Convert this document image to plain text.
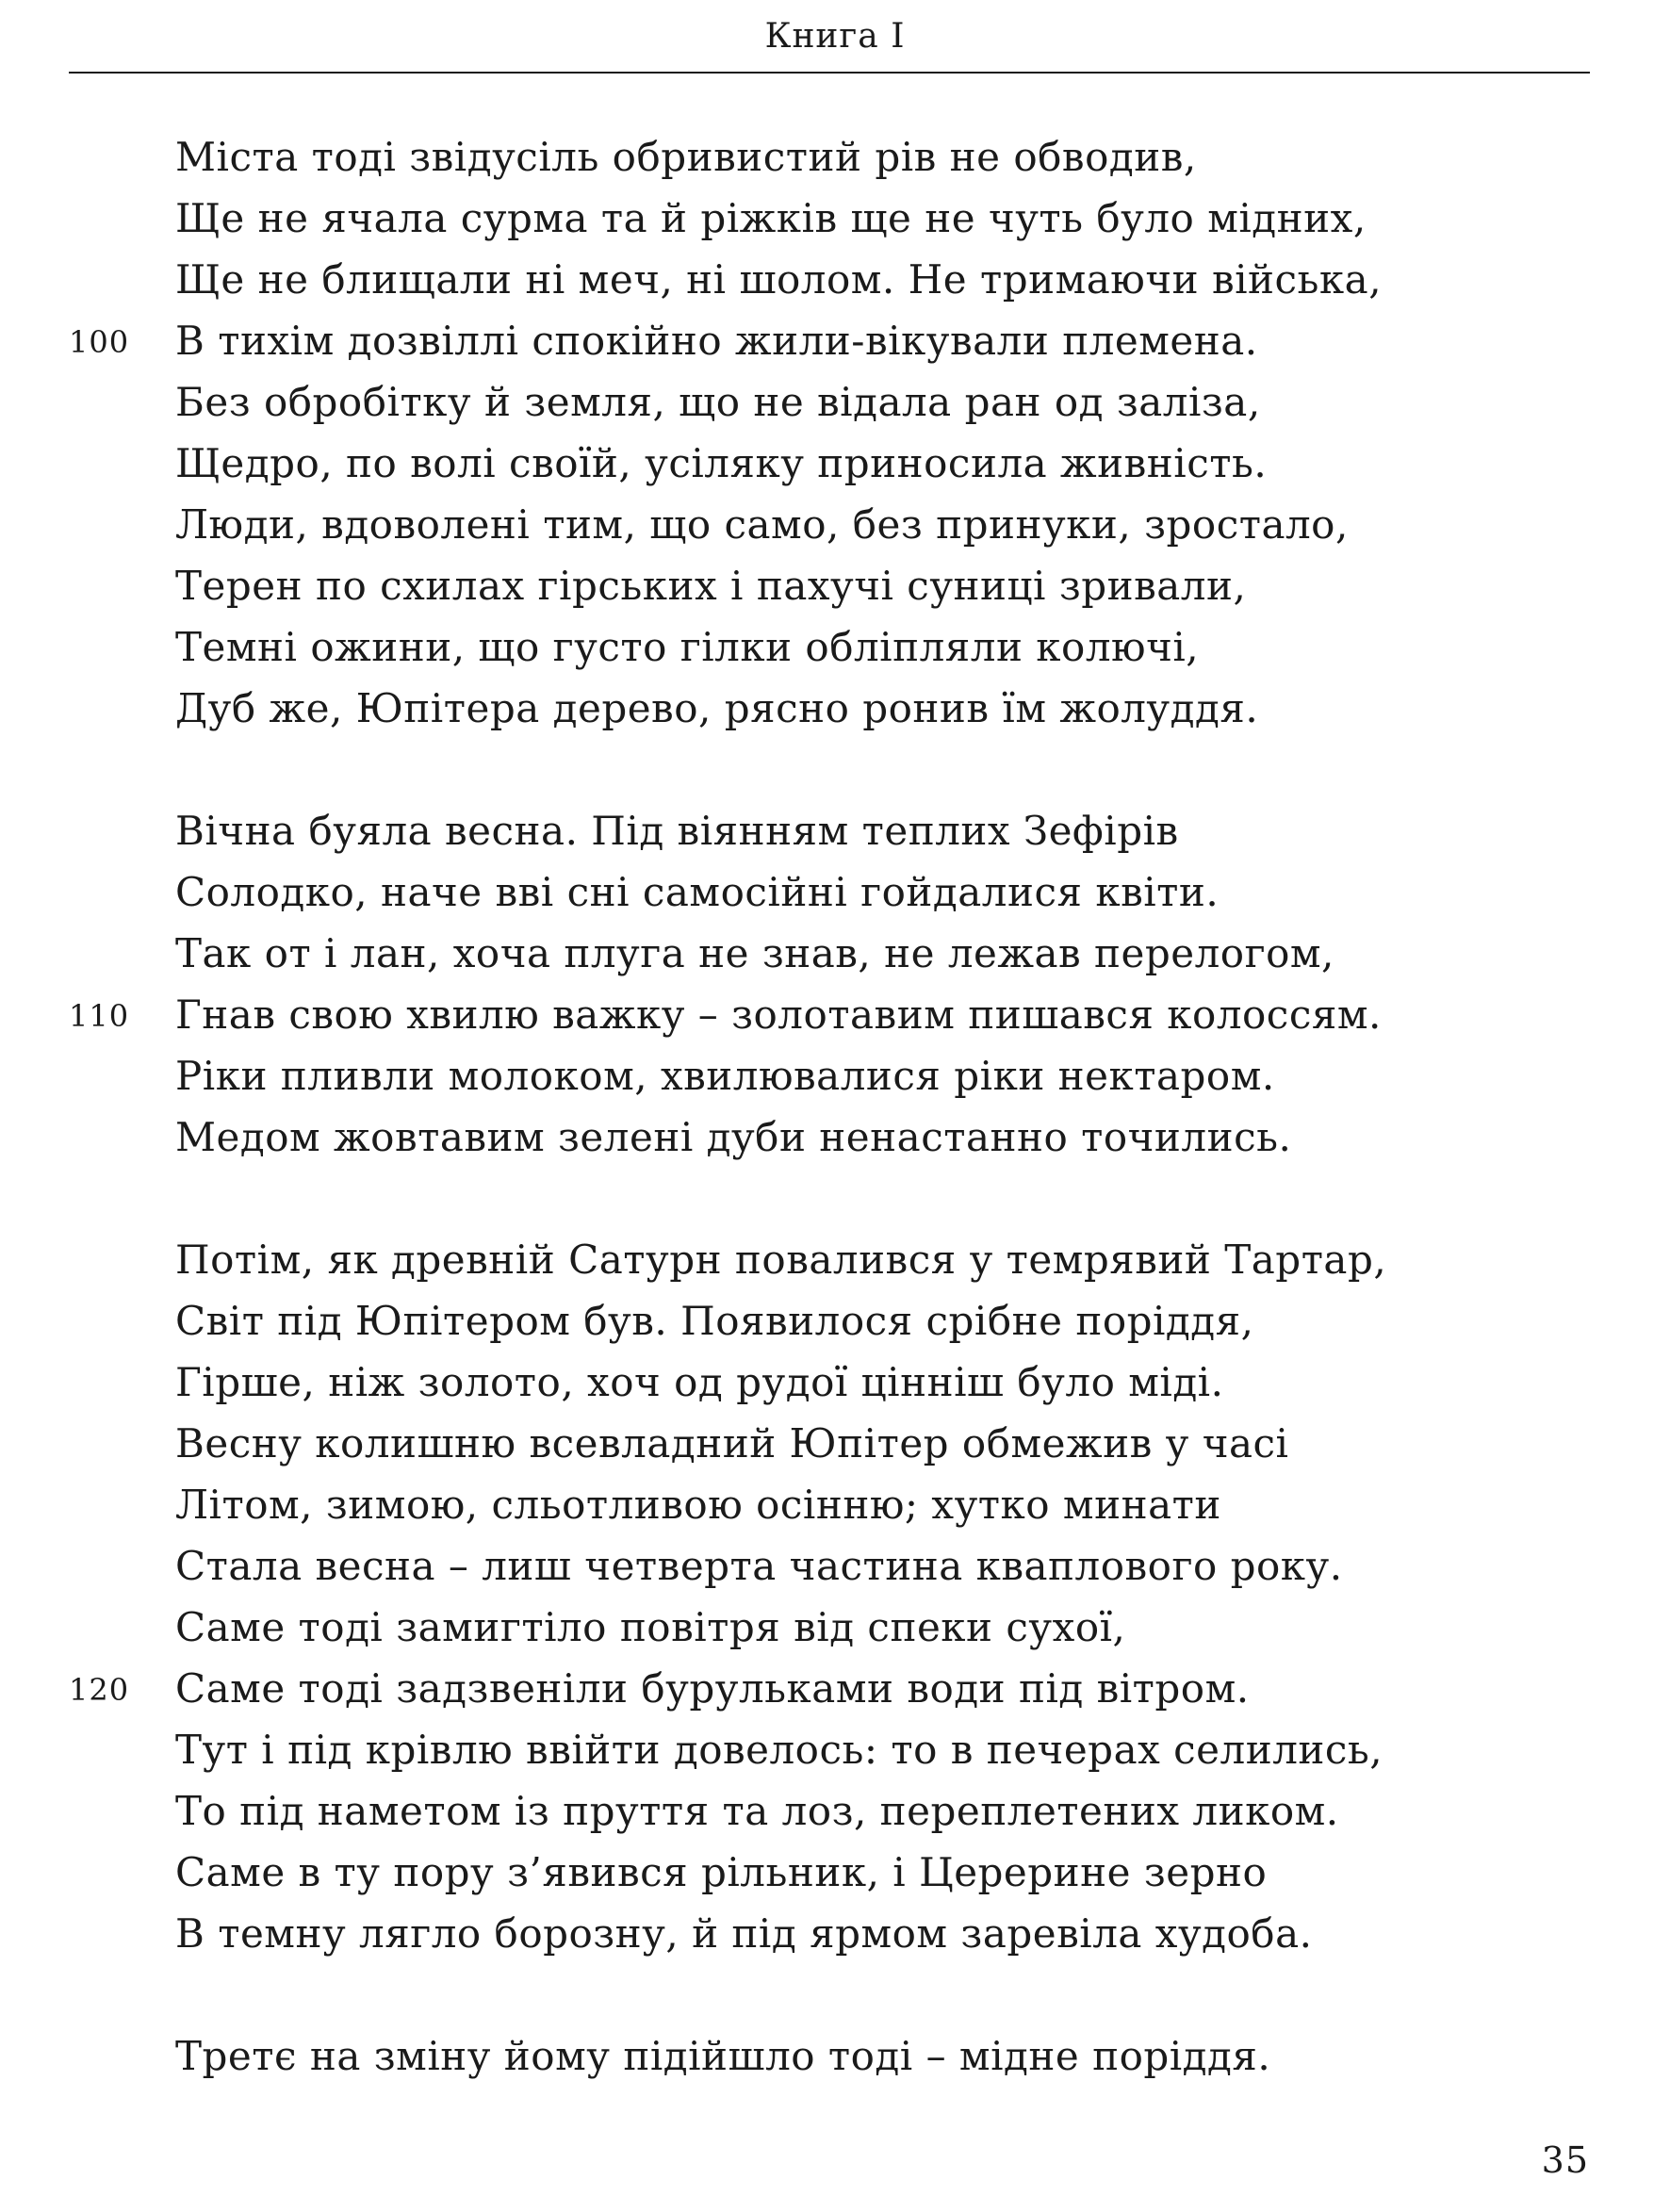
Книга I
Міста тоді звідусіль обривистий рів не обводив,
Ще не ячала сурма та й ріжків ще не чуть було мідних,
Ще не блищали ні меч, ні шолом. Не тримаючи війська,
100 В тихім дозвіллі спокійно жили-вікували племена.
Без обробітку й земля, що не відала ран од заліза,
Щедро, по волі своїй, усіляку приносила живність.
Люди, вдоволені тим, що само, без принуки, зростало,
Терен по схилах гірських і пахучі суниці зривали,
Темні ожини, що густо гілки обліпляли колючі,
Дуб же, Юпітера дерево, рясно ронив їм жолуддя.
Вічна буяла весна. Під вiянням теплих Зефірів
Солодко, наче вві сні самосійні гойдалися квіти.
Так от і лан, хоча плуга не знав, не лежав перелогом,
110 Гнав свою хвилю важку – золотавим пишався колоссям.
Ріки пливли молоком, хвилювалися ріки нектаром.
Медом жовтавим зелені дуби ненастанно точились.
Потім, як древній Сатурн повалився у темрявий Тартар,
Світ під Юпітером був. Появилося срібне поріддя,
Гірше, ніж золото, хоч од рудої цінніш було міді.
Весну колишню всевладний Юпітер обмежив у часі
Літом, зимою, сльотливою осінню; хутко минати
Стала весна – лиш четверта частина кваплового року.
Саме тоді замигтіло повітря від спеки сухої,
120 Саме тоді задзвеніли бурульками води під вітром.
Тут і під крівлю ввійти довелось: то в печерах селились,
То під наметом із пруття та лоз, переплетених ликом.
Саме в ту пору з’явився рільник, і Церерине зерно
В темну лягло борозну, й під ярмом заревіла худоба.
Третє на зміну йому підійшло тоді – мідне поріддя.
35
